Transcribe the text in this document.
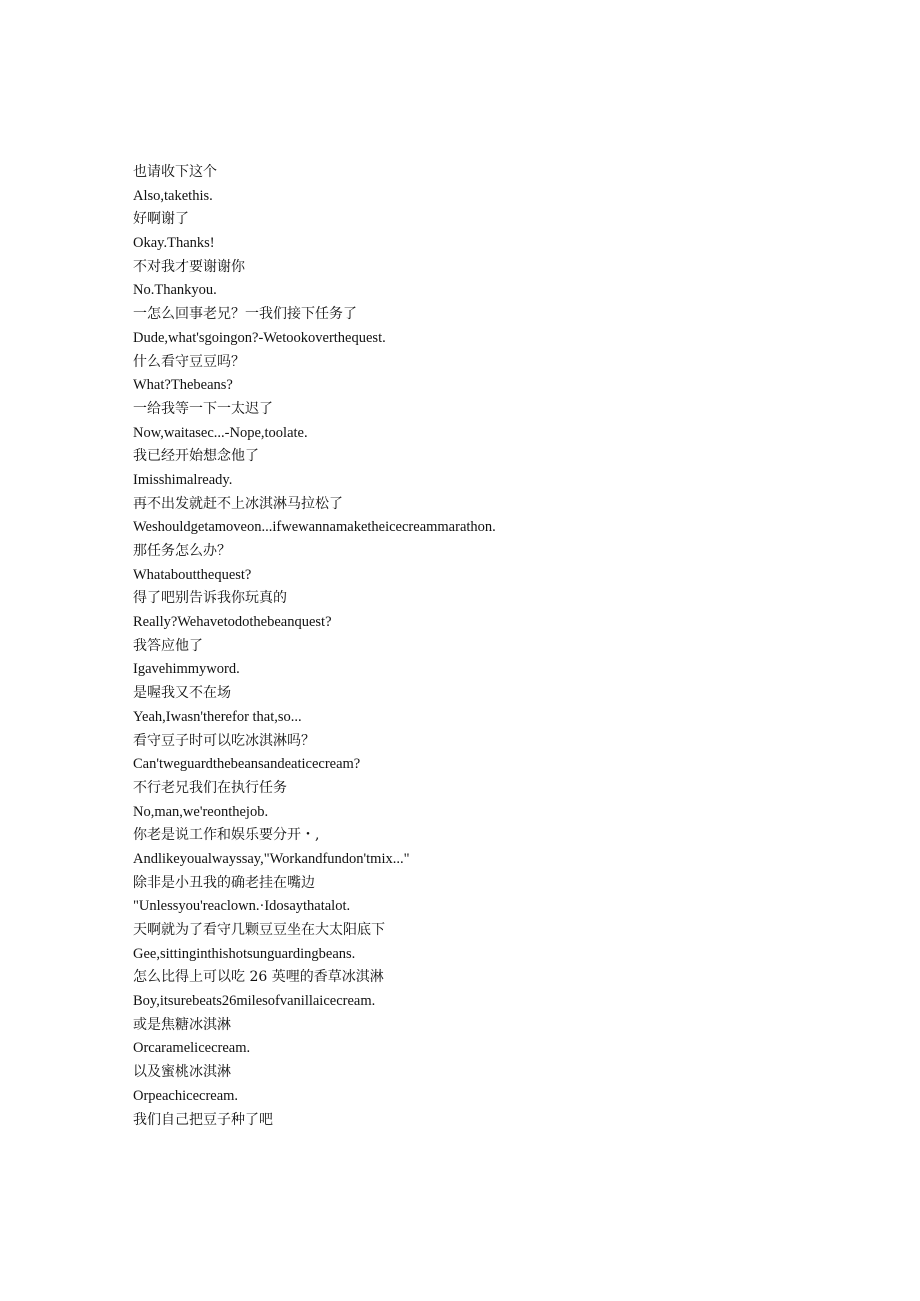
也请收下这个
Also,takethis.
好啊谢了
Okay.Thanks!
不对我才要谢谢你
No.Thankyou.
一怎么回事老兄？一我们接下任务了
Dude,what'sgoingon?-Wetookoverthequest.
什么看守豆豆吗？
What?Thebeans?
一给我等一下一太迟了
Now,waitasec...-Nope,toolate.
我已经开始想念他了
Imisshimalready.
再不出发就赶不上冰淇淋马拉松了
Weshouldgetamoveon...ifwewannamaketheicecreammarathon.
那任务怎么办？
Whataboutthequest?
得了吧别告诉我你玩真的
Really?Wehavetodothebeanquest?
我答应他了
Igavehimmyword.
是喔我又不在场
Yeah,Iwasn'therefor that,so...
看守豆子时可以吃冰淇淋吗？
Can'tweguardthebeansandeaticecream?
不行老兄我们在执行任务
No,man,we'reonthejob.
你老是说工作和娱乐要分开・,
Andlikeyoualwayssay,"Workandfundon'tmix..."
除非是小丑我的确老挂在嘴边
"Unlessyou'reaclown.·Idosaythatalot.
天啊就为了看守几颗豆豆坐在大太阳底下
Gee,sittinginthishotsunguardingbeans.
怎么比得上可以吃 26 英哩的香草冰淇淋
Boy,itsurebeats26milesofvanillaicecream.
或是焦糖冰淇淋
Orcaramelicecream.
以及蜜桃冰淇淋
Orpeachicecream.
我们自己把豆子种了吧
